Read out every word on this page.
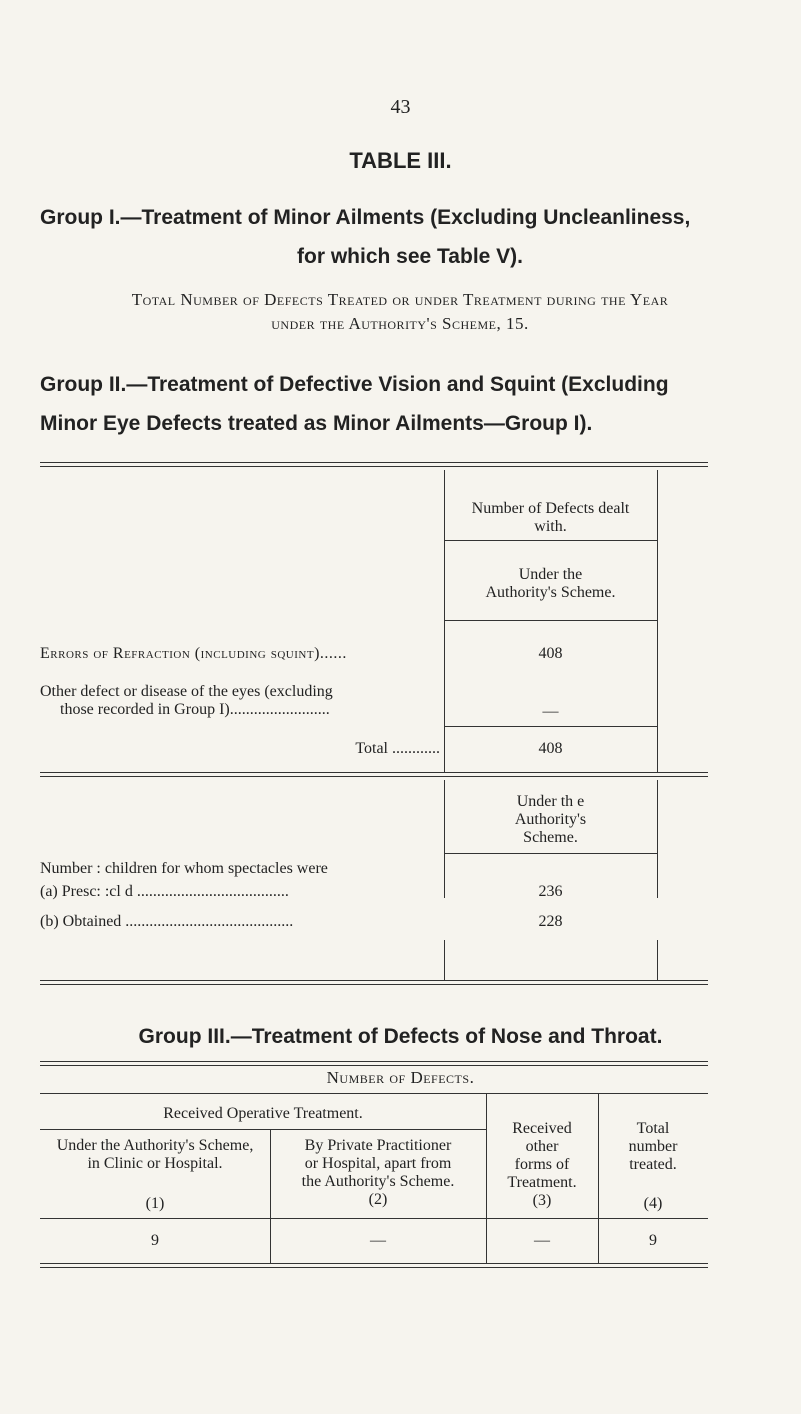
43
TABLE III.
Group I.—Treatment of Minor Ailments (Excluding Uncleanliness,
for which see Table V).
Total Number of Defects Treated or under Treatment during the Year
under the Authority's Scheme, 15.
Group II.—Treatment of Defective Vision and Squint (Excluding
Minor Eye Defects treated as Minor Ailments—Group I).
Number of Defects dealt
with.
Under the
Authority's Scheme.
Errors of Refraction (including squint)......	408
Other defect or disease of the eyes (excluding
those recorded in Group I).........................	—
Total ............	408
Under th e
Authority's
Scheme.
Number : children for whom spectacles were
(a) Presc: :cl d ......................................	236
(b) Obtained ..........................................	228
Group III.—Treatment of Defects of Nose and Throat.
Number of Defects.
Received Operative Treatment.
Under the Authority's Scheme,
in Clinic or Hospital.
(1)
By Private Practitioner
or Hospital, apart from
the Authority's Scheme.
(2)
Received
other
forms of
Treatment.
(3)
Total
number
treated.
(4)
9	—	—	9
